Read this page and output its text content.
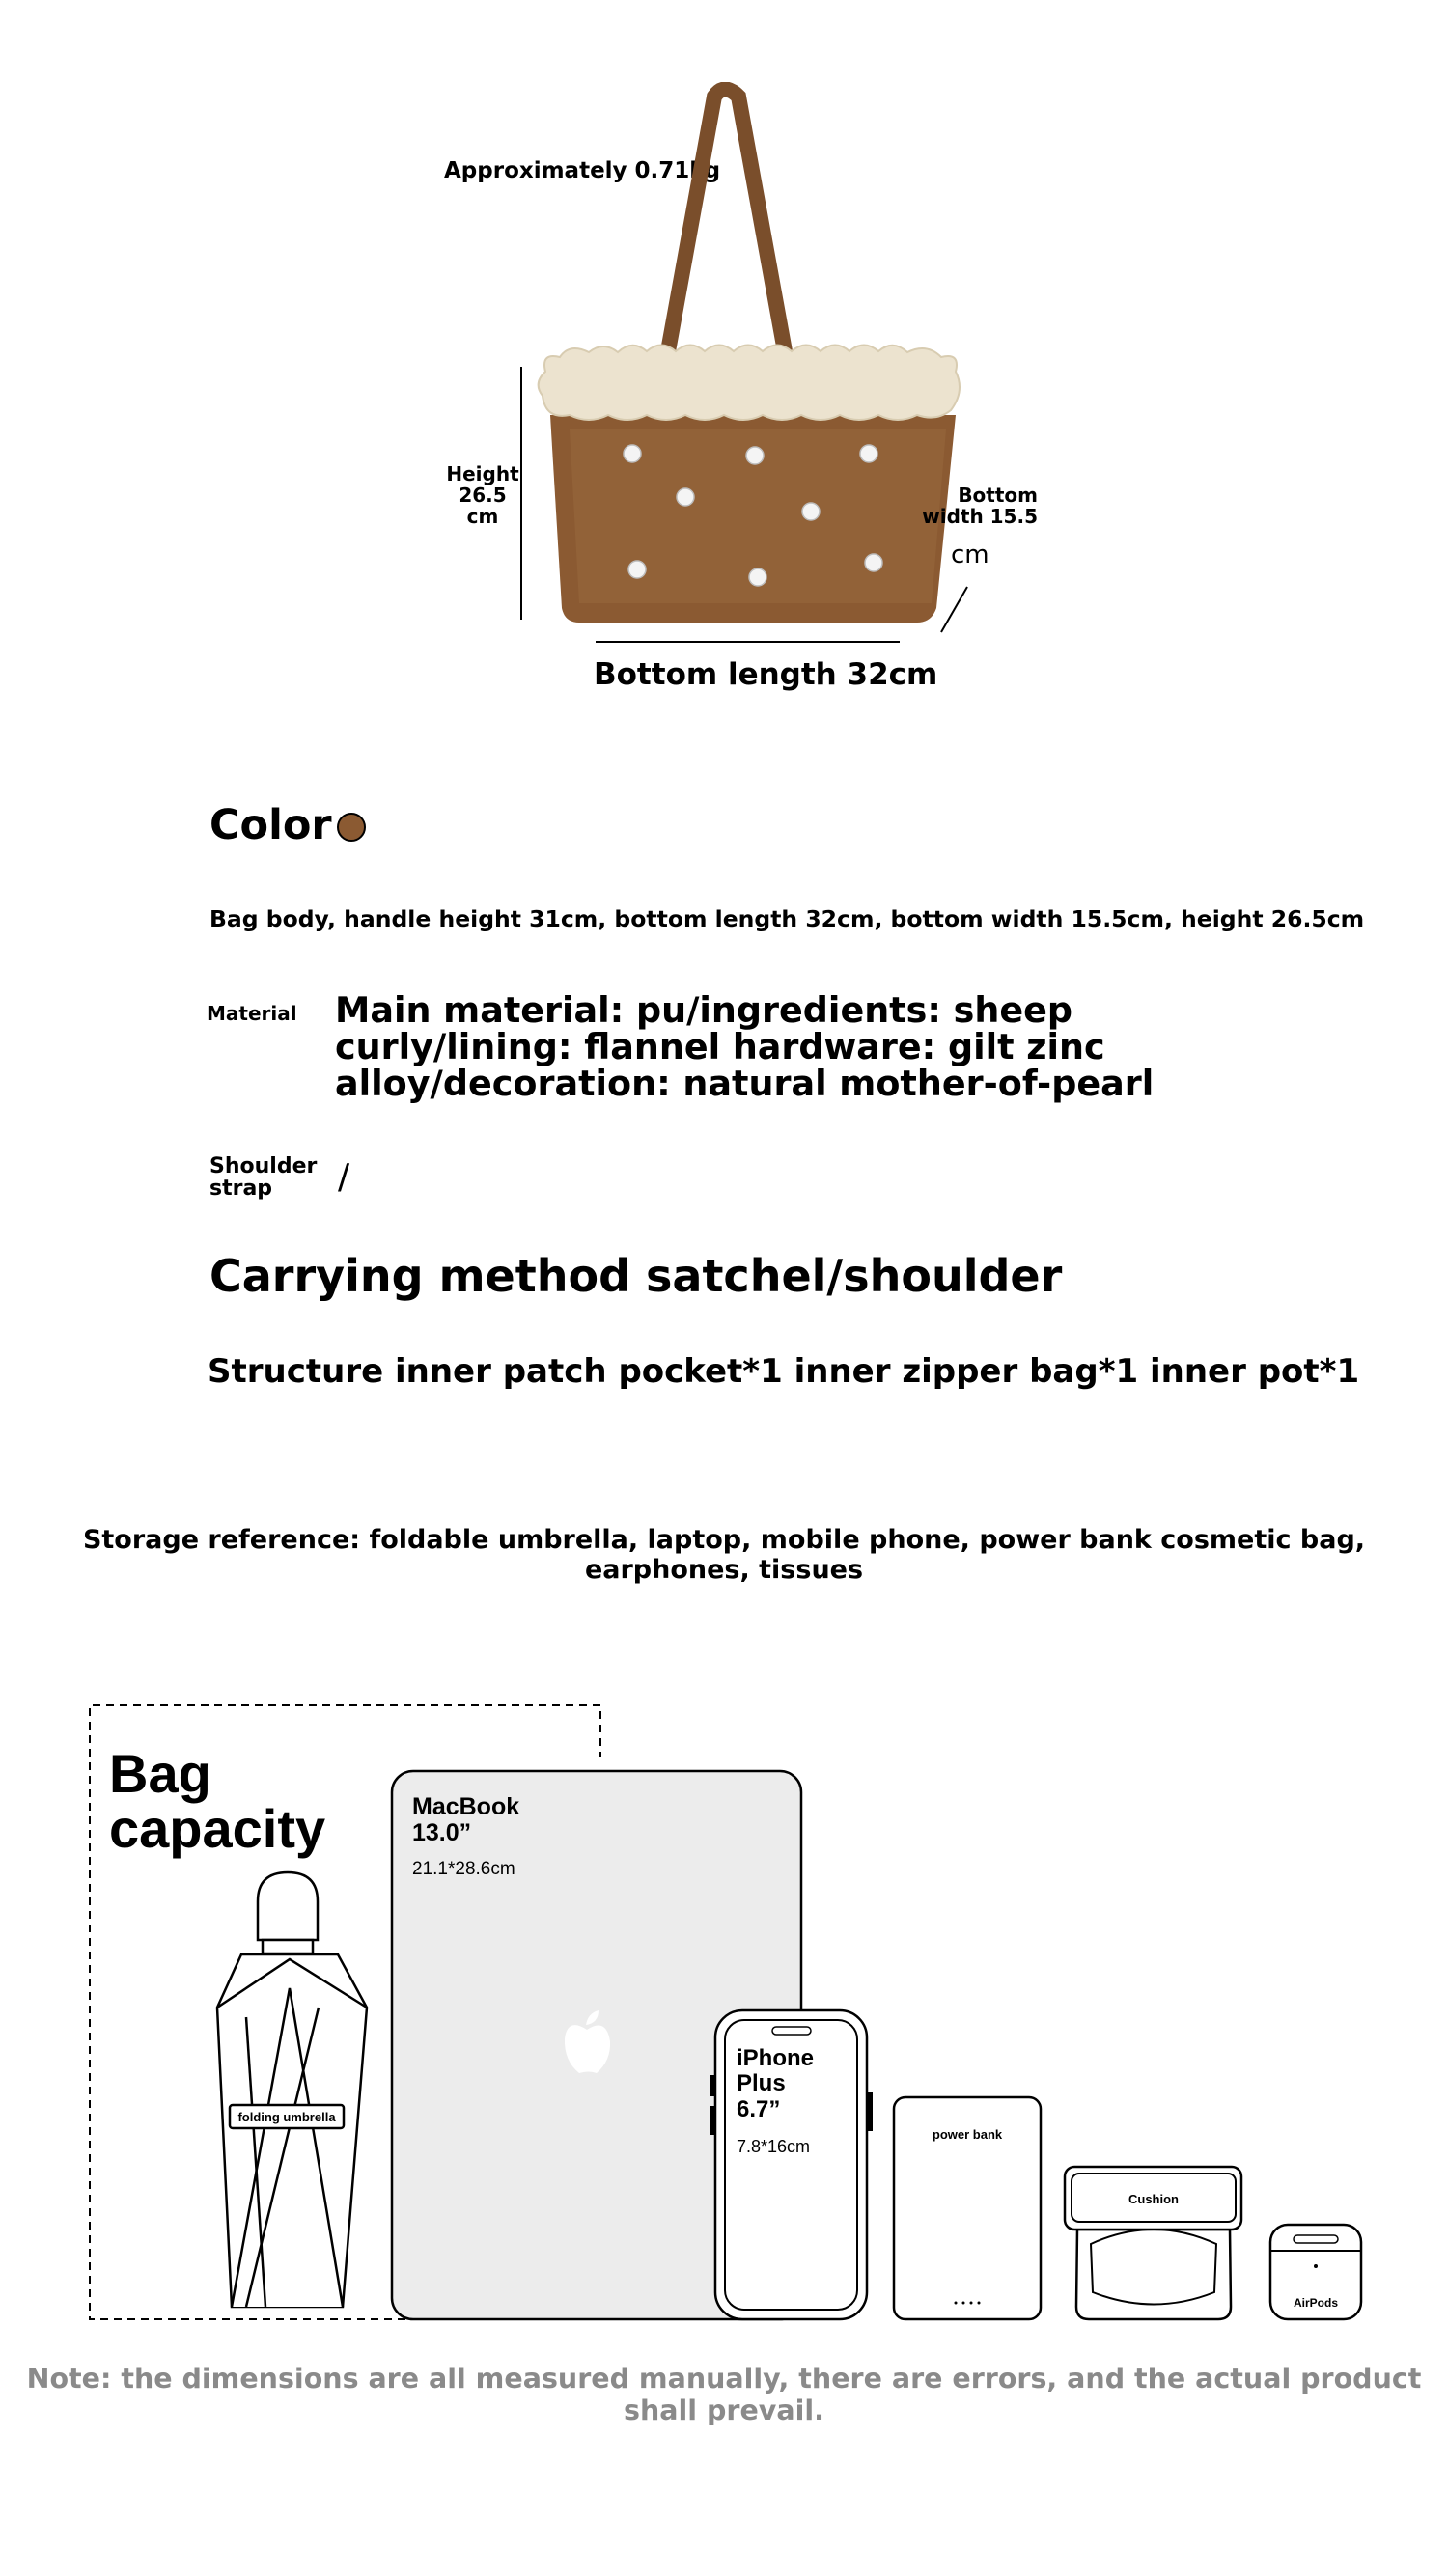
Approximately 0.71kg
Height 26.5 cm
Bottom width 15.5
cm
Bottom length 32cm
Color
Bag body, handle height 31cm, bottom length 32cm, bottom width 15.5cm, height 26.5cm
Material Main material: pu/ingredients: sheep curly/lining: flannel hardware: gilt zinc alloy/decoration: natural mother-of-pearl
Shoulder strap	/
Carrying method satchel/shoulder
Structure inner patch pocket*1 inner zipper bag*1 inner pot*1
Storage reference: foldable umbrella, laptop, mobile phone, power bank cosmetic bag, earphones, tissues
Bag
capacity
folding umbrella
MacBook
13.0”
21.1*28.6cm
iPhone
Plus
6.7”
7.8*16cm
power bank
Cushion
AirPods
Note: the dimensions are all measured manually, there are errors, and the actual product shall prevail.
